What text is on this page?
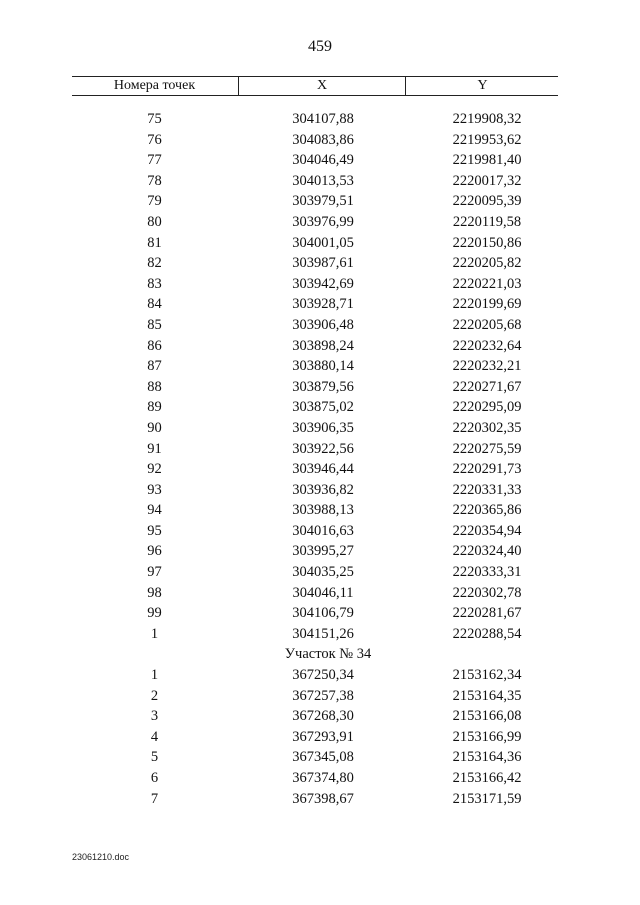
459
Номера точек	X	Y
75	304107,88	2219908,32
76	304083,86	2219953,62
77	304046,49	2219981,40
78	304013,53	2220017,32
79	303979,51	2220095,39
80	303976,99	2220119,58
81	304001,05	2220150,86
82	303987,61	2220205,82
83	303942,69	2220221,03
84	303928,71	2220199,69
85	303906,48	2220205,68
86	303898,24	2220232,64
87	303880,14	2220232,21
88	303879,56	2220271,67
89	303875,02	2220295,09
90	303906,35	2220302,35
91	303922,56	2220275,59
92	303946,44	2220291,73
93	303936,82	2220331,33
94	303988,13	2220365,86
95	304016,63	2220354,94
96	303995,27	2220324,40
97	304035,25	2220333,31
98	304046,11	2220302,78
99	304106,79	2220281,67
1	304151,26	2220288,54
Участок № 34
1	367250,34	2153162,34
2	367257,38	2153164,35
3	367268,30	2153166,08
4	367293,91	2153166,99
5	367345,08	2153164,36
6	367374,80	2153166,42
7	367398,67	2153171,59
23061210.doc
